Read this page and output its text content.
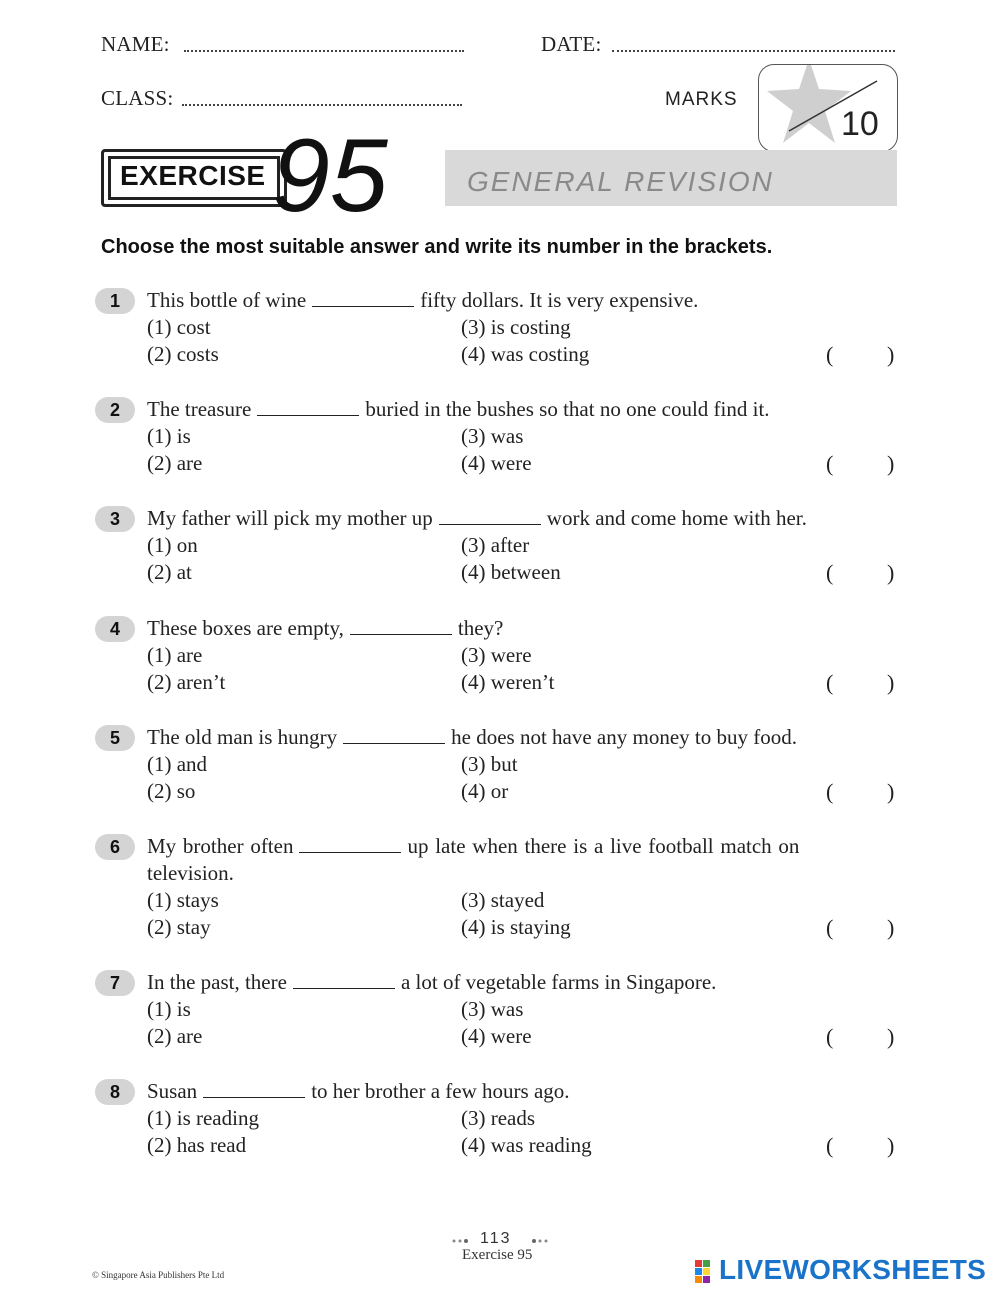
NAME:	DATE:
CLASS:	MARKS
10
EXERCISE 95	GENERAL REVISION
Choose the most suitable answer and write its number in the brackets.
1	This bottle of wine	fifty dollars. It is very expensive.
(1) cost
(2) costs
(3) is costing
(4) was costing	( )
2	The treasure	buried in the bushes so that no one could find it.
(1) is
(2) are
(3) was
(4) were	( )
3	My father will pick my mother up	work and come home with her.
(1) on
(2) at
(3) after
(4) between	( )
4	These boxes are empty,	they?
(1) are
(2) aren’t
(3) were
(4) weren’t	( )
5	The old man is hungry	he does not have any money to buy food.
(1) and
(2) so
(3) but
(4) or	( )
6	My brother often	up late when there is a live football match on
television.
(1) stays
(2) stay
(3) stayed
(4) is staying	( )
7	In the past, there	a lot of vegetable farms in Singapore.
(1) is
(2) are
(3) was
(4) were	( )
8	Susan	to her brother a few hours ago.
(1) is reading
(2) has read
(3) reads
(4) was reading	( )
113
Exercise 95
© Singapore Asia Publishers Pte Ltd	LIVEWORKSHEETS
